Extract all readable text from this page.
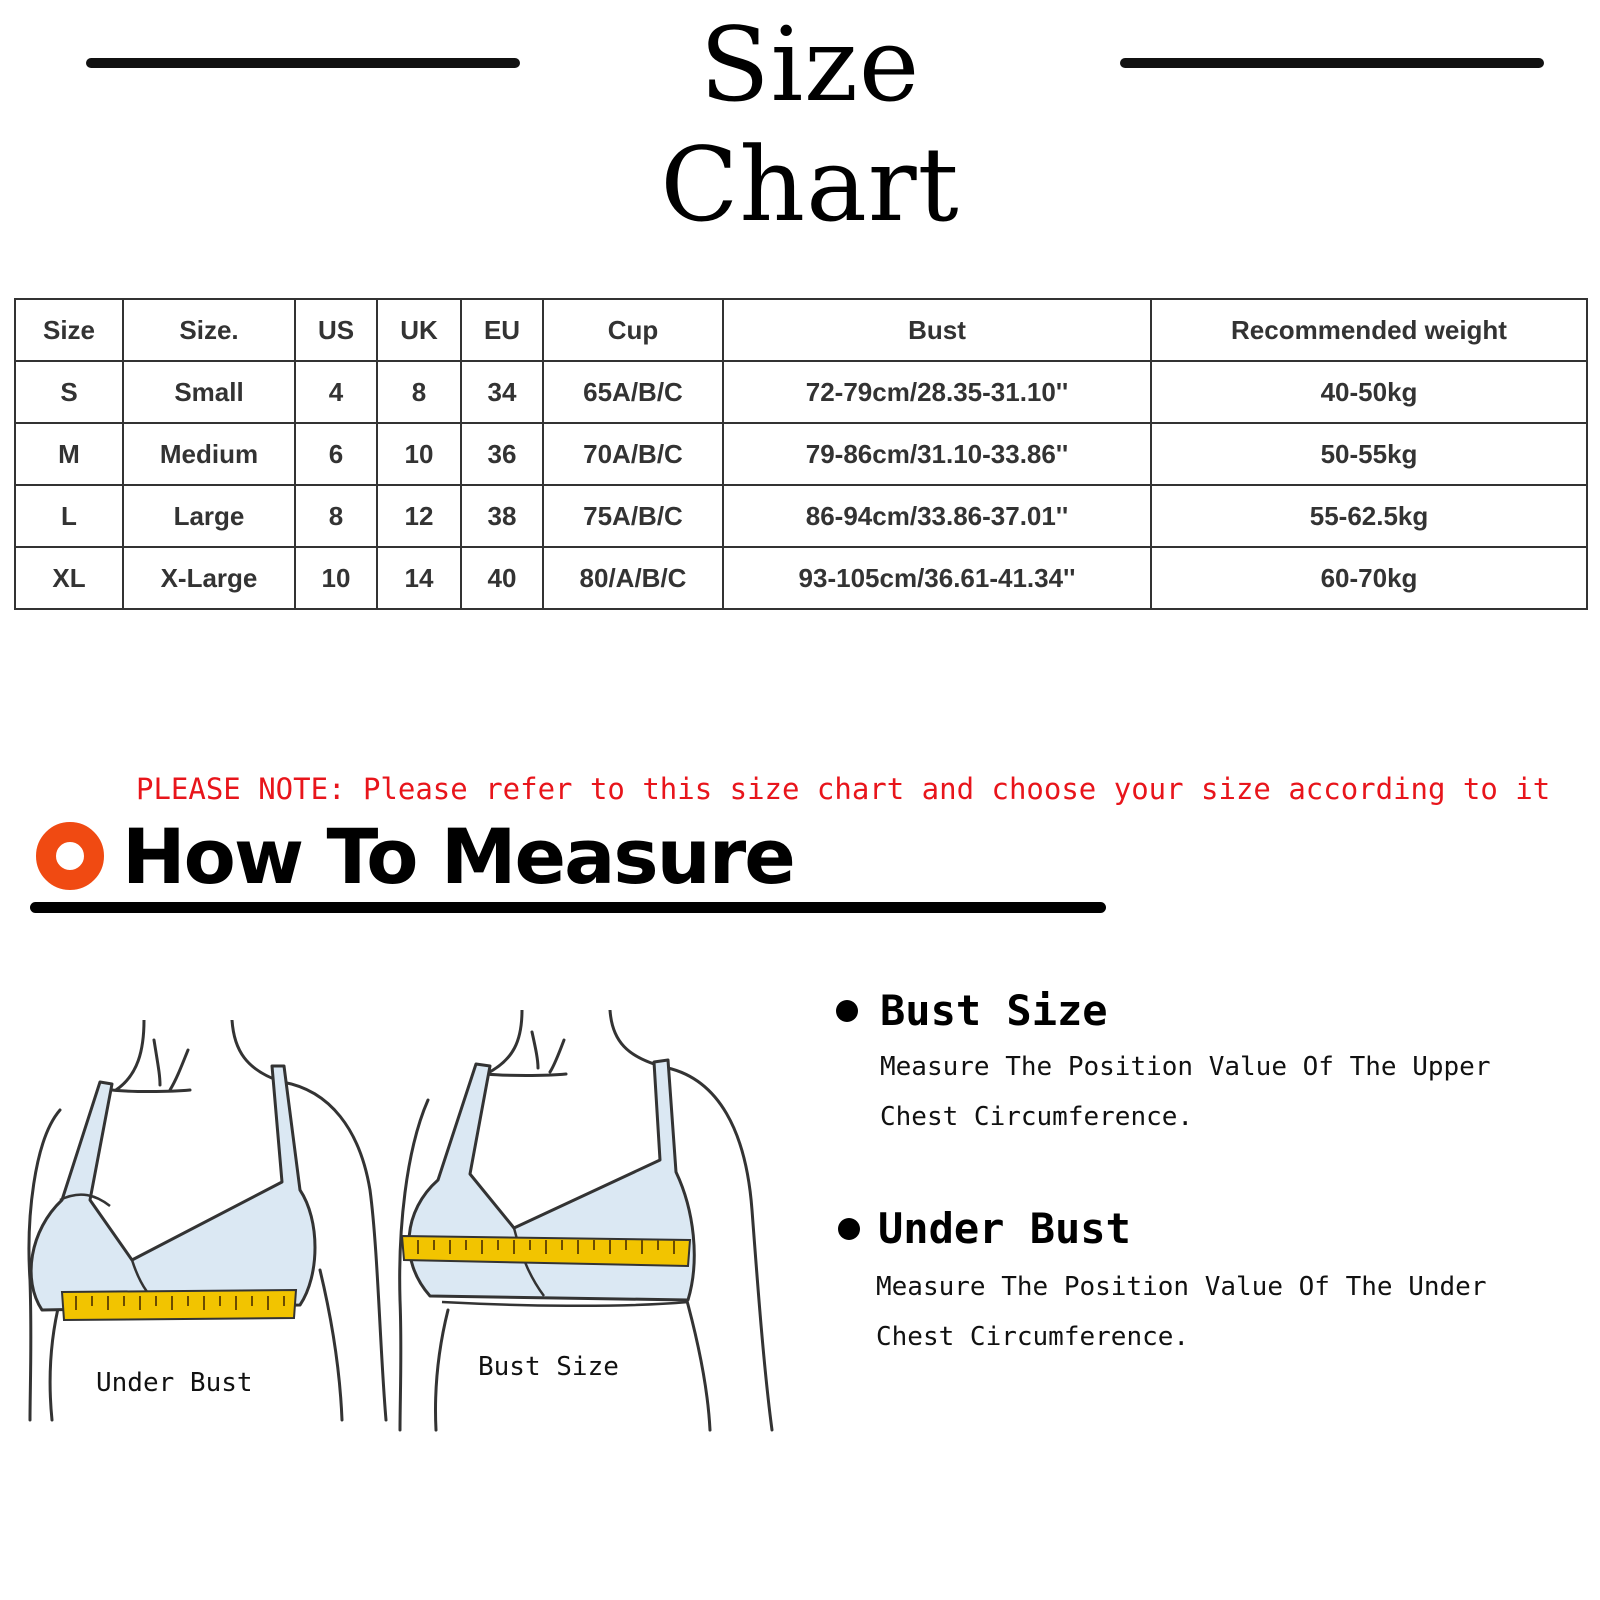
Size Chart
Size	Size.	US	UK	EU	Cup	Bust	Recommended weight
S	Small	4	8	34	65A/B/C	72-79cm/28.35-31.10''	40-50kg
M	Medium	6	10	36	70A/B/C	79-86cm/31.10-33.86''	50-55kg
L	Large	8	12	38	75A/B/C	86-94cm/33.86-37.01''	55-62.5kg
XL	X-Large	10	14	40	80/A/B/C	93-105cm/36.61-41.34''	60-70kg
PLEASE NOTE: Please refer to this size chart and choose your size according to it
How To Measure
Under Bust
Bust Size
Bust Size
Measure The Position Value Of The Upper
Chest Circumference.
Under Bust
Measure The Position Value Of The Under
Chest Circumference.
